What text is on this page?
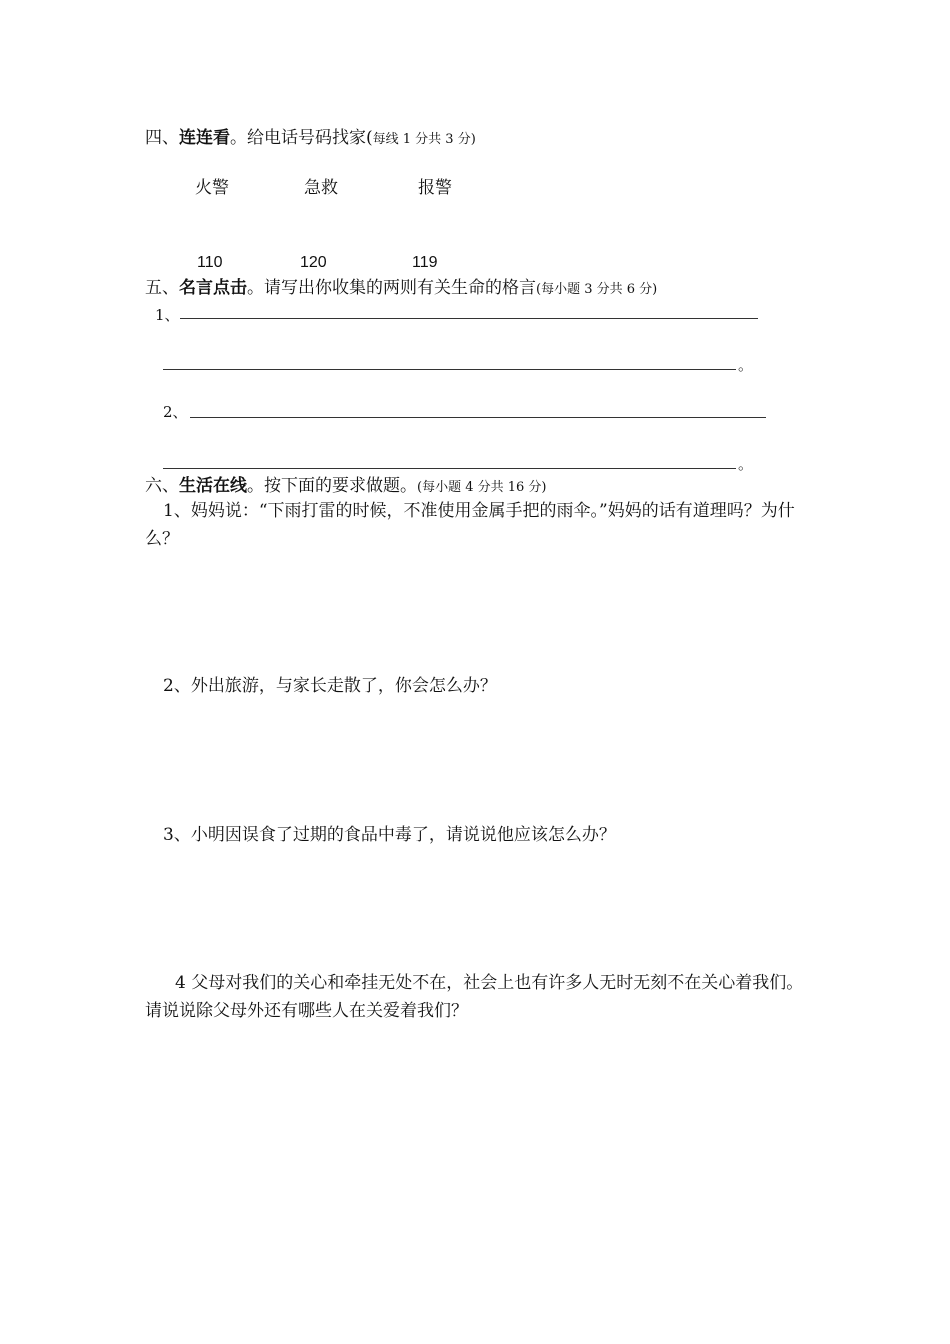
四、连连看。给电话号码找家(每线 1 分共 3 分)
火警	急救	报警
110	120	119
五、名言点击。请写出你收集的两则有关生命的格言(每小题 3 分共 6 分)
1、
。
2、
。
六、生活在线。按下面的要求做题。(每小题 4 分共 16 分)
1、妈妈说：“下雨打雷的时候，不准使用金属手把的雨伞。”妈妈的话有道理吗？为什么？
2、外出旅游，与家长走散了，你会怎么办？
3、小明因误食了过期的食品中毒了，请说说他应该怎么办？
4 父母对我们的关心和牵挂无处不在，社会上也有许多人无时无刻不在关心着我们。请说说除父母外还有哪些人在关爱着我们？
